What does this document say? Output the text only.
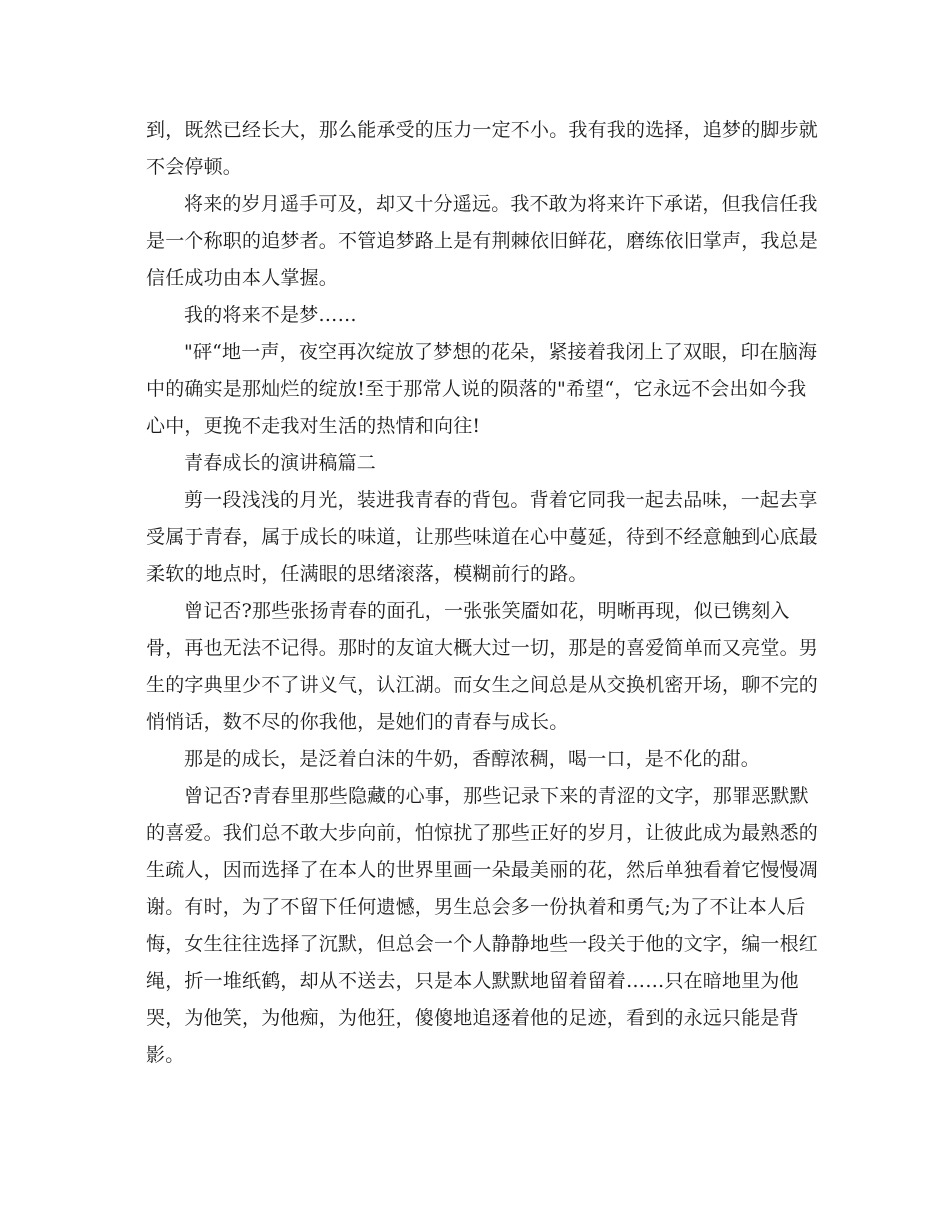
到，既然已经长大，那么能承受的压力一定不小。我有我的选择，追梦的脚步就

不会停顿。

将来的岁月遥手可及，却又十分遥远。我不敢为将来许下承诺，但我信任我

是一个称职的追梦者。不管追梦路上是有荆棘依旧鲜花，磨练依旧掌声，我总是

信任成功由本人掌握。

我的将来不是梦……

"砰“地一声，夜空再次绽放了梦想的花朵，紧接着我闭上了双眼，印在脑海

中的确实是那灿烂的绽放!至于那常人说的陨落的"希望“，它永远不会出如今我

心中，更挽不走我对生活的热情和向往!

青春成长的演讲稿篇二

剪一段浅浅的月光，装进我青春的背包。背着它同我一起去品味，一起去享

受属于青春，属于成长的味道，让那些味道在心中蔓延，待到不经意触到心底最

柔软的地点时，任满眼的思绪滚落，模糊前行的路。

曾记否?那些张扬青春的面孔，一张张笑靥如花，明晰再现，似已镌刻入

骨，再也无法不记得。那时的友谊大概大过一切，那是的喜爱简单而又亮堂。男

生的字典里少不了讲义气，认江湖。而女生之间总是从交换机密开场，聊不完的

悄悄话，数不尽的你我他，是她们的青春与成长。

那是的成长，是泛着白沫的牛奶，香醇浓稠，喝一口，是不化的甜。

曾记否?青春里那些隐藏的心事，那些记录下来的青涩的文字，那罪恶默默

的喜爱。我们总不敢大步向前，怕惊扰了那些正好的岁月，让彼此成为最熟悉的

生疏人，因而选择了在本人的世界里画一朵最美丽的花，然后单独看着它慢慢凋

谢。有时，为了不留下任何遗憾，男生总会多一份执着和勇气;为了不让本人后

悔，女生往往选择了沉默，但总会一个人静静地些一段关于他的文字，编一根红

绳，折一堆纸鹤，却从不送去，只是本人默默地留着留着……只在暗地里为他

哭，为他笑，为他痴，为他狂，傻傻地追逐着他的足迹，看到的永远只能是背

影。
